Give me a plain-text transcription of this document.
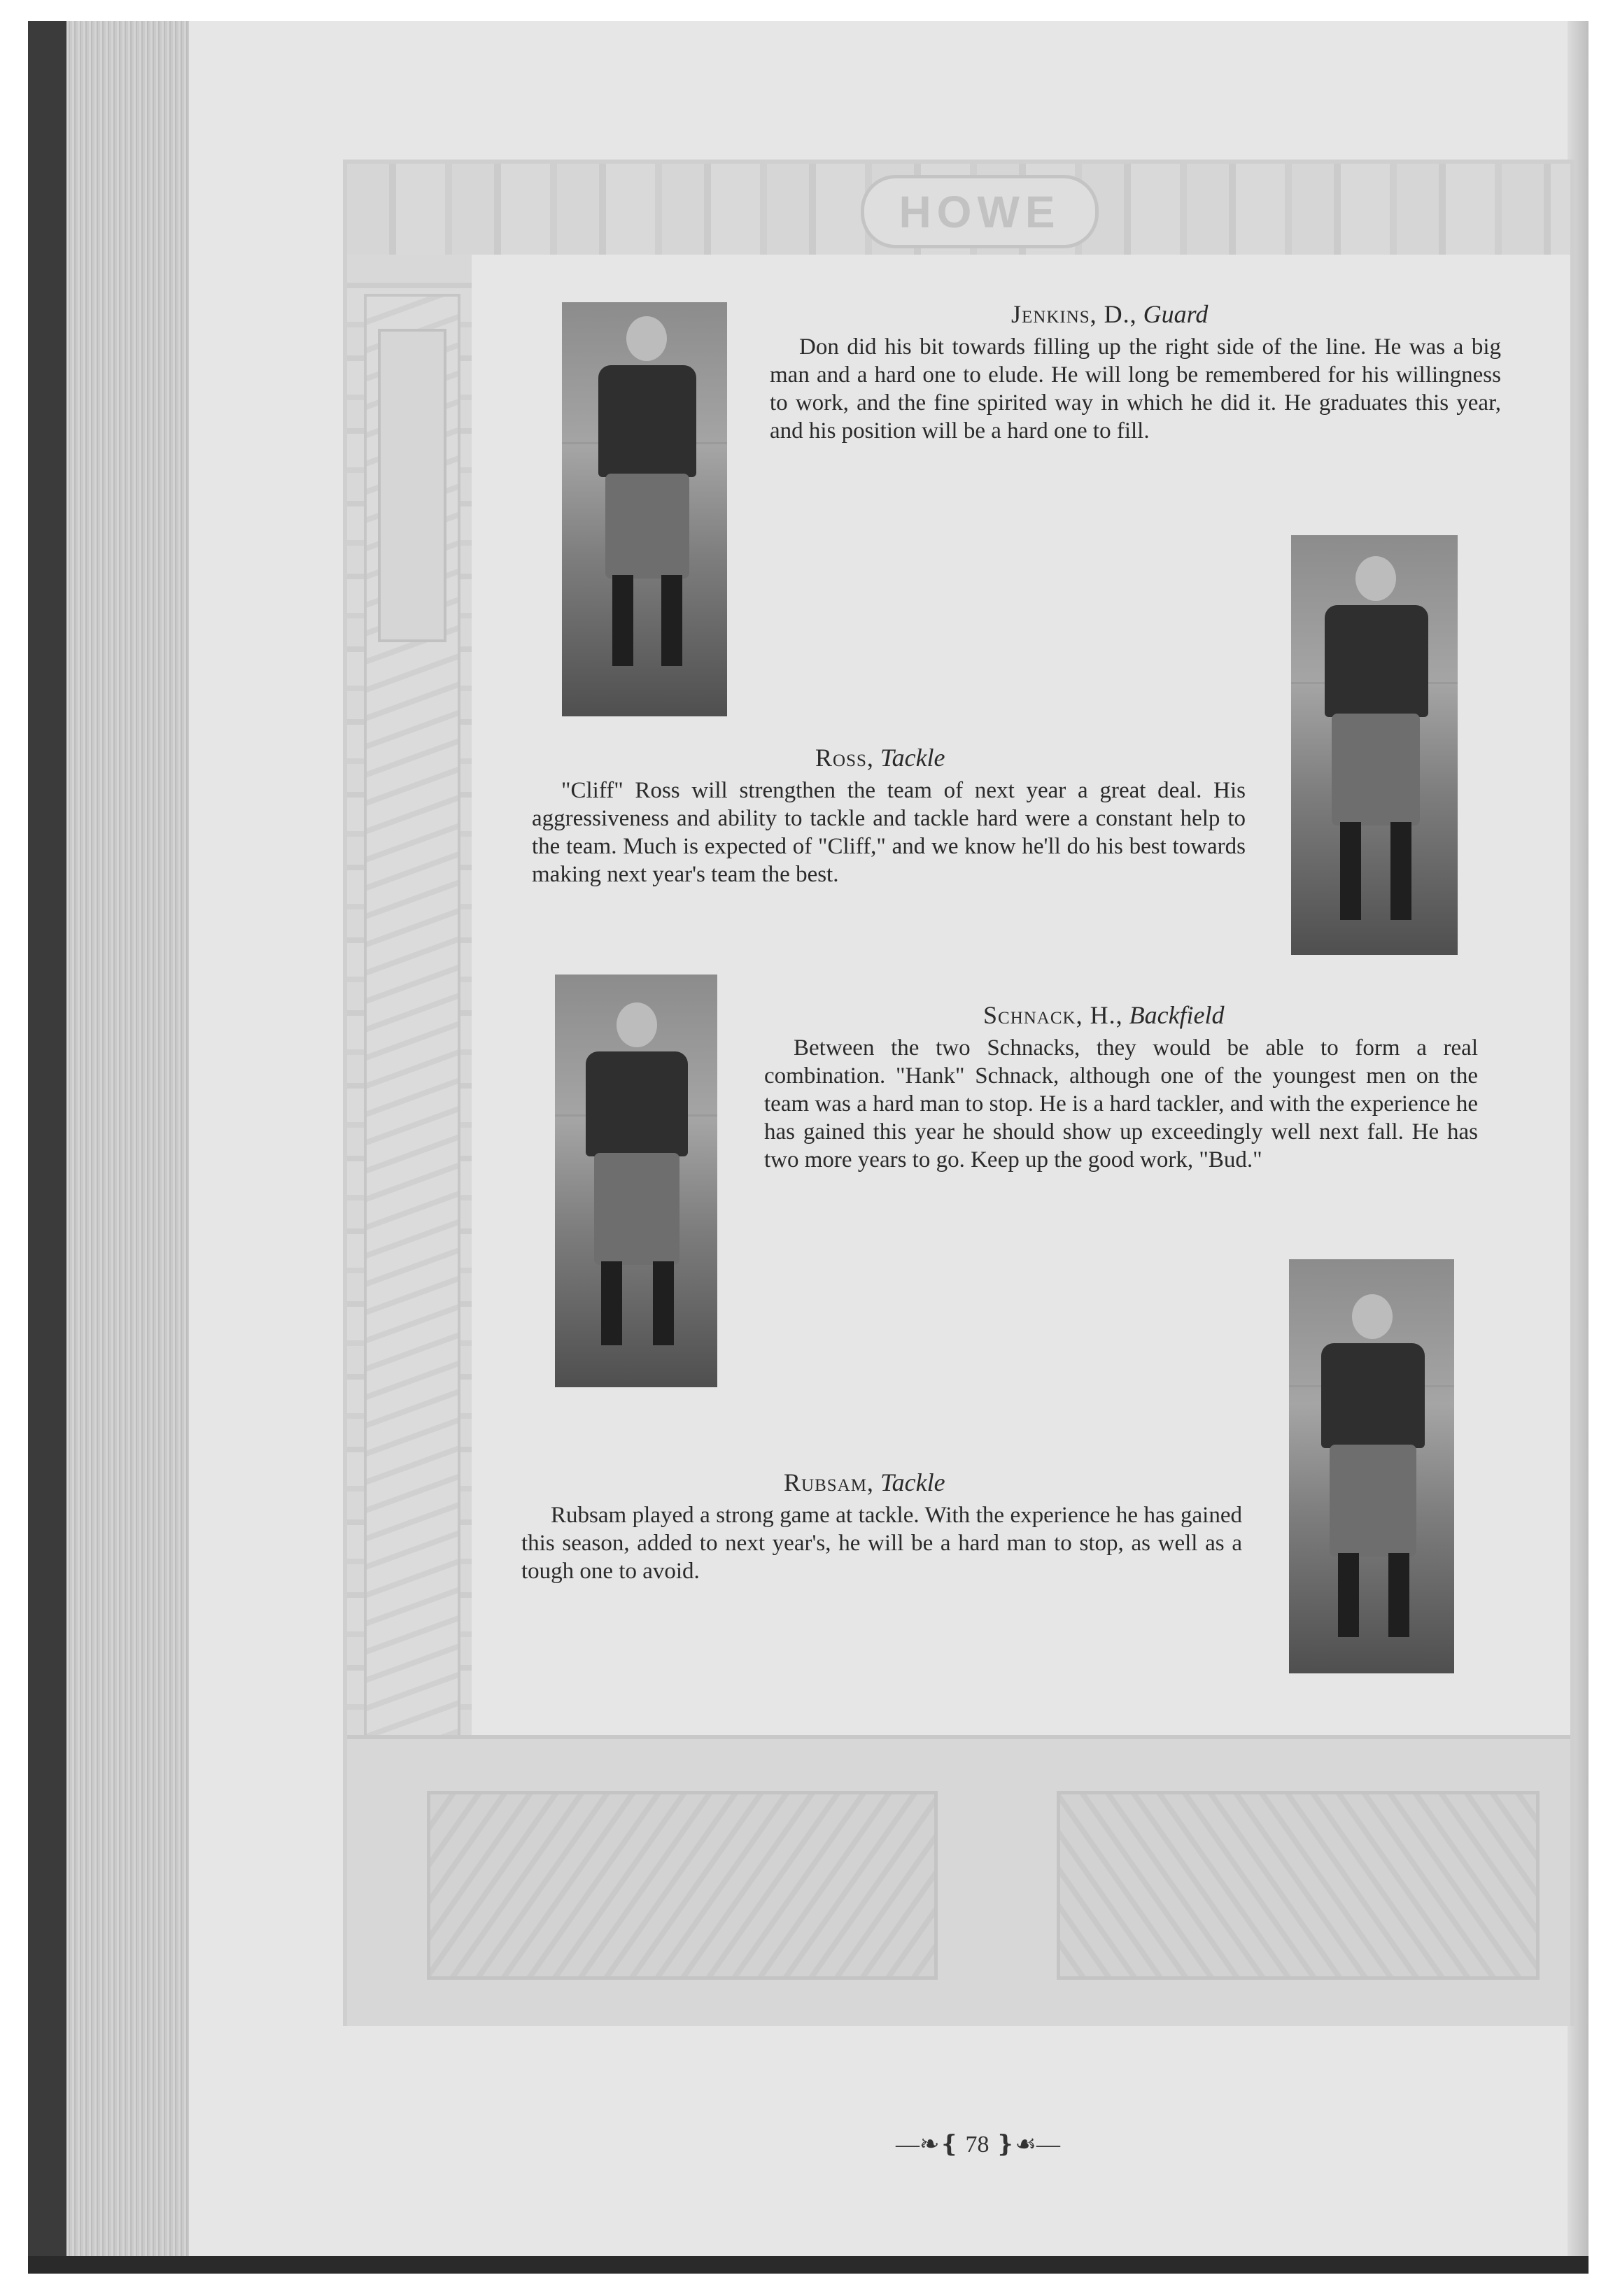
HOWE
Jenkins, D., Guard
Don did his bit towards filling up the right side of the line. He was a big man and a hard one to elude. He will long be remembered for his willingness to work, and the fine spirited way in which he did it. He graduates this year, and his position will be a hard one to fill.
Ross, Tackle
"Cliff" Ross will strengthen the team of next year a great deal. His aggressiveness and ability to tackle and tackle hard were a constant help to the team. Much is expected of "Cliff," and we know he'll do his best towards making next year's team the best.
Schnack, H., Backfield
Between the two Schnacks, they would be able to form a real combination. "Hank" Schnack, although one of the youngest men on the team was a hard man to stop. He is a hard tackler, and with the experience he has gained this year he should show up exceedingly well next fall. He has two more years to go. Keep up the good work, "Bud."
Rubsam, Tackle
Rubsam played a strong game at tackle. With the experience he has gained this season, added to next year's, he will be a hard man to stop, as well as a tough one to avoid.
—❧❴ 78 ❵☙—
